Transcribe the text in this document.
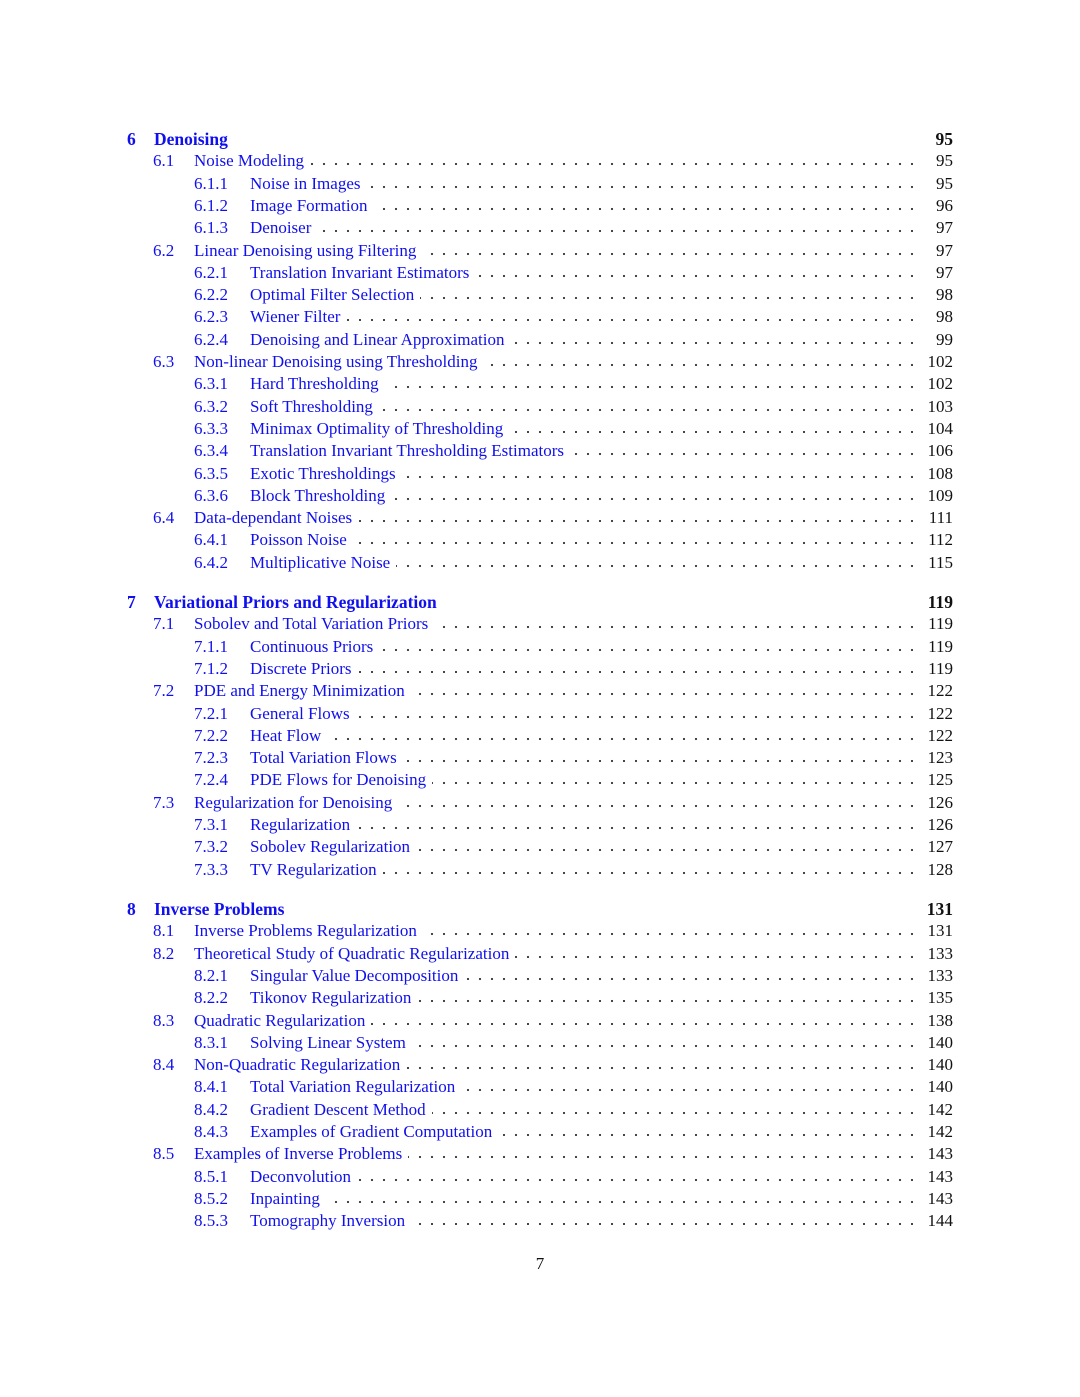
6 Denoising	95
6.1 Noise Modeling	95
6.1.1 Noise in Images	95
6.1.2 Image Formation	96
6.1.3 Denoiser	97
6.2 Linear Denoising using Filtering	97
6.2.1 Translation Invariant Estimators	97
6.2.2 Optimal Filter Selection	98
6.2.3 Wiener Filter	98
6.2.4 Denoising and Linear Approximation	99
6.3 Non-linear Denoising using Thresholding	102
6.3.1 Hard Thresholding	102
6.3.2 Soft Thresholding	103
6.3.3 Minimax Optimality of Thresholding	104
6.3.4 Translation Invariant Thresholding Estimators	106
6.3.5 Exotic Thresholdings	108
6.3.6 Block Thresholding	109
6.4 Data-dependant Noises	111
6.4.1 Poisson Noise	112
6.4.2 Multiplicative Noise	115
7 Variational Priors and Regularization	119
7.1 Sobolev and Total Variation Priors	119
7.1.1 Continuous Priors	119
7.1.2 Discrete Priors	119
7.2 PDE and Energy Minimization	122
7.2.1 General Flows	122
7.2.2 Heat Flow	122
7.2.3 Total Variation Flows	123
7.2.4 PDE Flows for Denoising	125
7.3 Regularization for Denoising	126
7.3.1 Regularization	126
7.3.2 Sobolev Regularization	127
7.3.3 TV Regularization	128
8 Inverse Problems	131
8.1 Inverse Problems Regularization	131
8.2 Theoretical Study of Quadratic Regularization	133
8.2.1 Singular Value Decomposition	133
8.2.2 Tikonov Regularization	135
8.3 Quadratic Regularization	138
8.3.1 Solving Linear System	140
8.4 Non-Quadratic Regularization	140
8.4.1 Total Variation Regularization	140
8.4.2 Gradient Descent Method	142
8.4.3 Examples of Gradient Computation	142
8.5 Examples of Inverse Problems	143
8.5.1 Deconvolution	143
8.5.2 Inpainting	143
8.5.3 Tomography Inversion	144
7
